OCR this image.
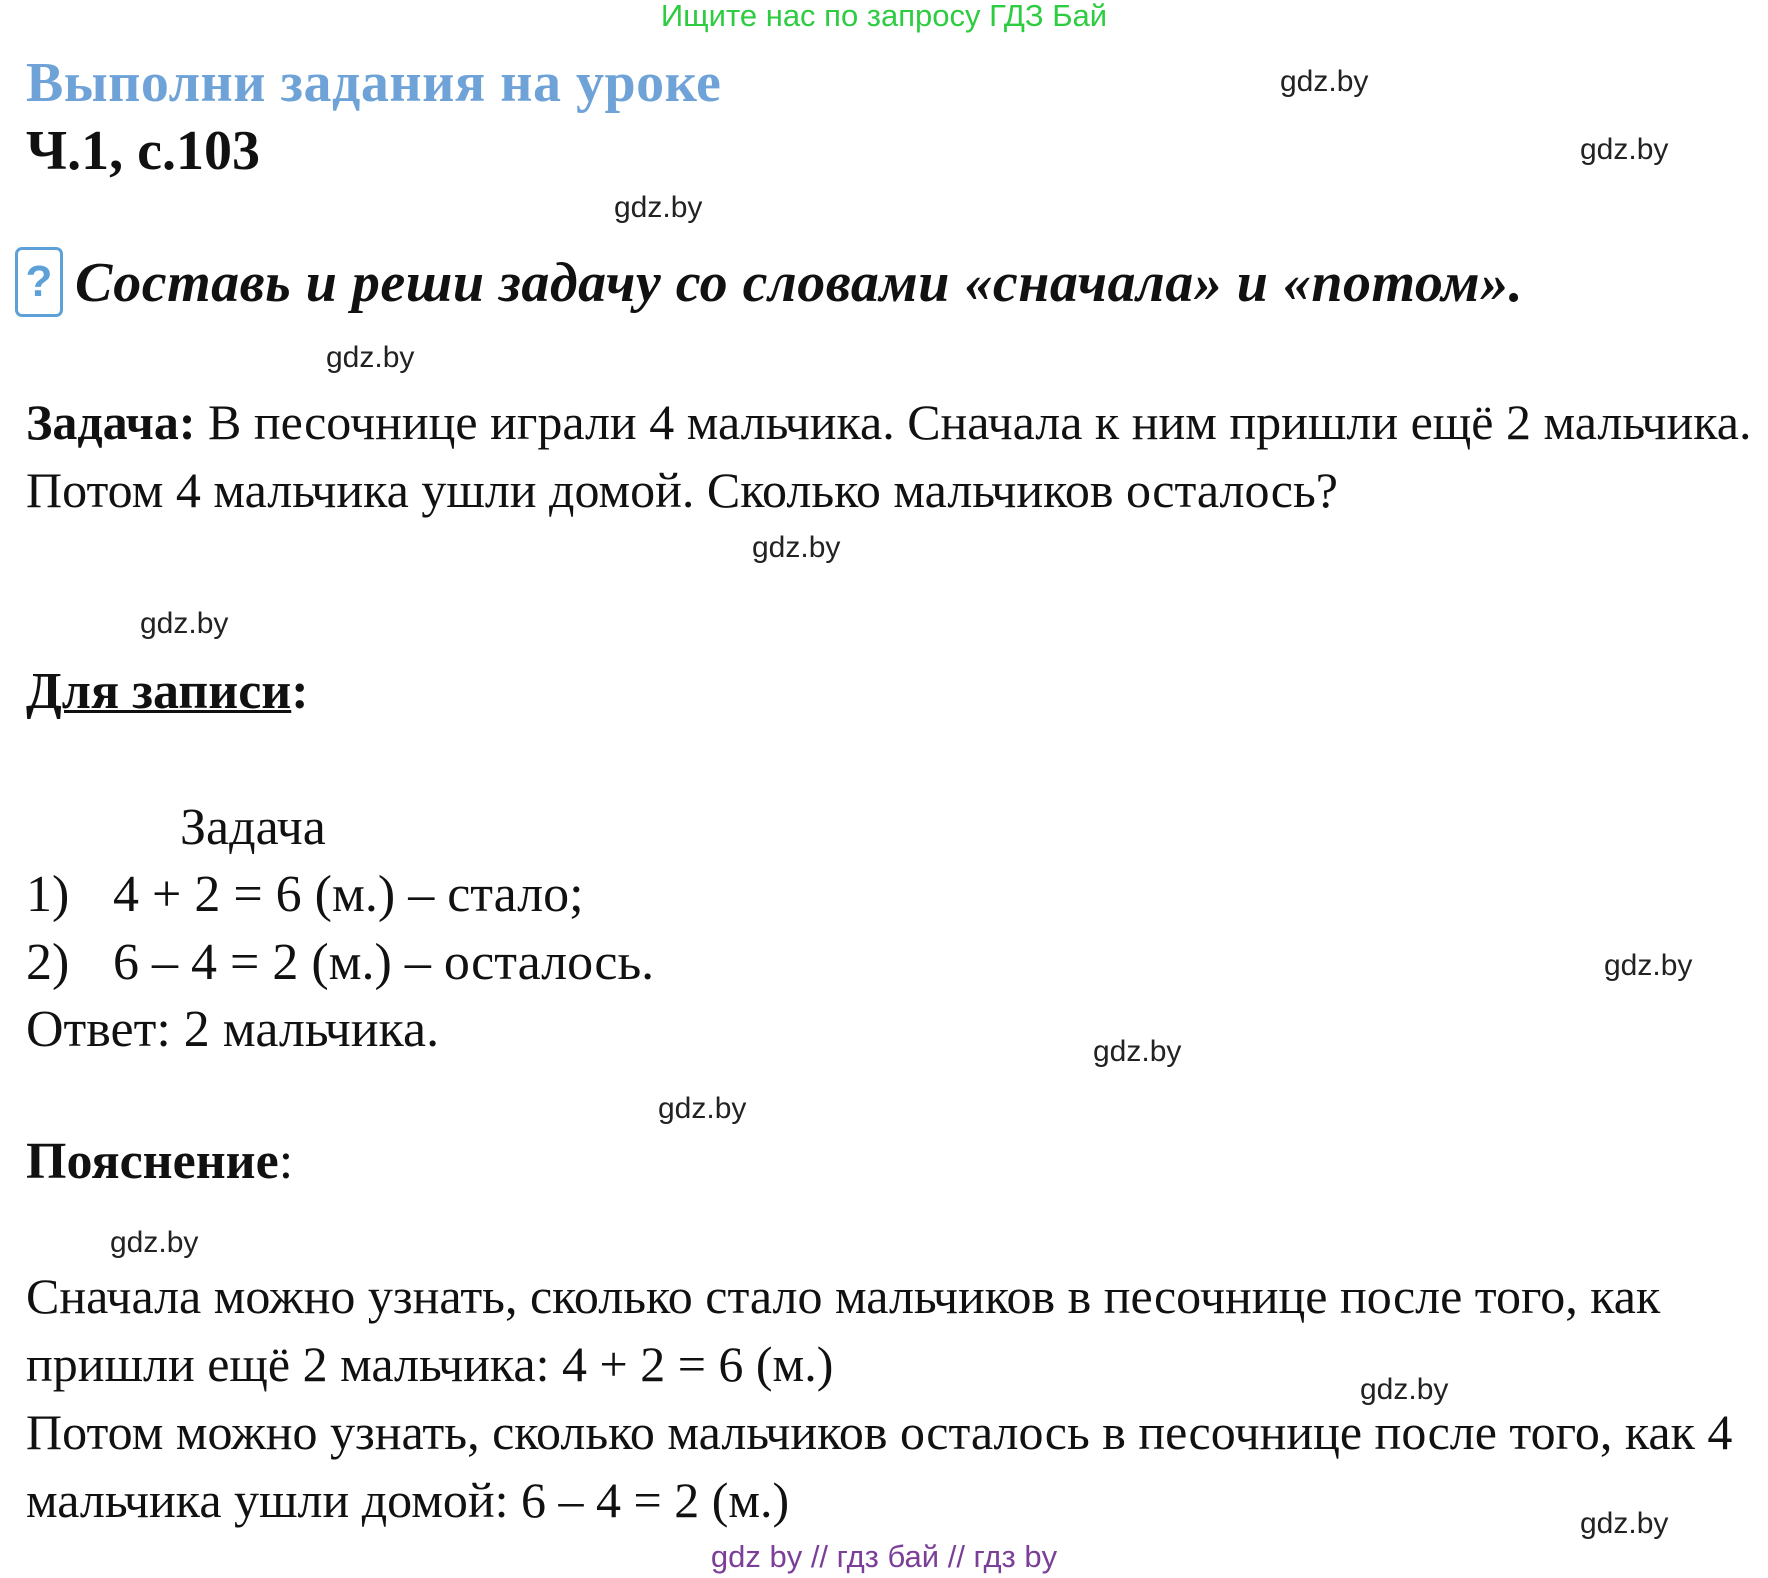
Ищите нас по запросу ГДЗ Бай
Выполни задания на уроке
Ч.1, с.103
? Составь и реши задачу со словами «сначала» и «потом».
Задача: В песочнице играли 4 мальчика. Сначала к ним пришли ещё 2 мальчика. Потом 4 мальчика ушли домой. Сколько мальчиков осталось?
Для записи:
Задача
1) 4 + 2 = 6 (м.) – стало;
2) 6 – 4 = 2 (м.) – осталось.
Ответ: 2 мальчика.
Пояснение:
Сначала можно узнать, сколько стало мальчиков в песочнице после того, как пришли ещё 2 мальчика: 4 + 2 = 6 (м.)
Потом можно узнать, сколько мальчиков осталось в песочнице после того, как 4 мальчика ушли домой: 6 – 4 = 2 (м.)
gdz.by
gdz.by
gdz.by
gdz.by
gdz.by
gdz.by
gdz.by
gdz.by
gdz.by
gdz.by
gdz.by
gdz.by
gdz by // гдз бай // гдз by
